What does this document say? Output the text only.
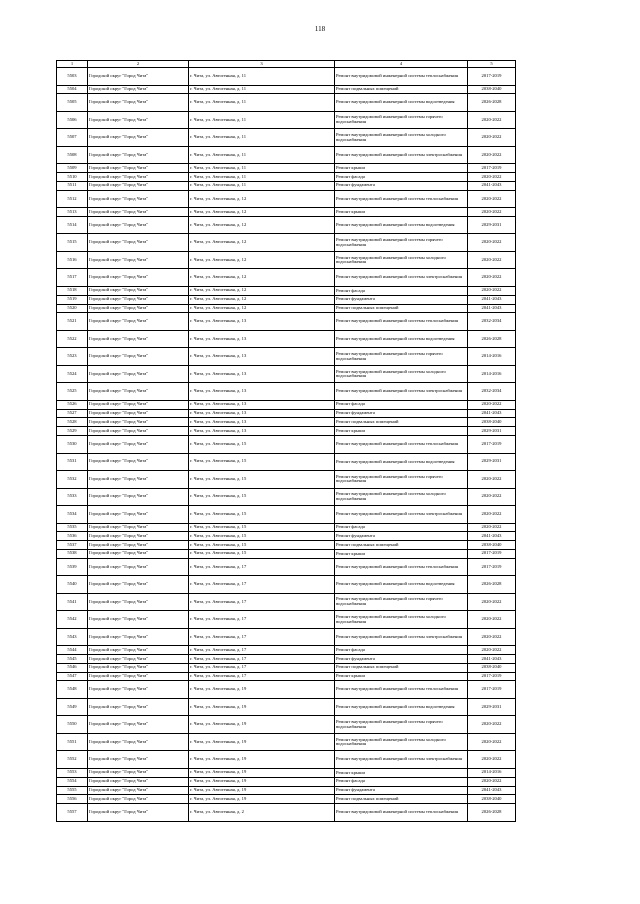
118
1	2	3	4	5
5503	Городской округ "Город Чита"	г. Чита, ул. Автогенная, д. 11	Ремонт внутридомовой инженерной системы теплоснабжения	2017-2019
5504	Городской округ "Город Чита"	г. Чита, ул. Автогенная, д. 11	Ремонт подвальных помещений	2038-2040
5505	Городской округ "Город Чита"	г. Чита, ул. Автогенная, д. 11	Ремонт внутридомовой инженерной системы водоотведения	2026-2028
5506	Городской округ "Город Чита"	г. Чита, ул. Автогенная, д. 11	Ремонт внутридомовой инженерной системы горячего водоснабжения	2020-2022
5507	Городской округ "Город Чита"	г. Чита, ул. Автогенная, д. 11	Ремонт внутридомовой инженерной системы холодного водоснабжения	2020-2022
5508	Городской округ "Город Чита"	г. Чита, ул. Автогенная, д. 11	Ремонт внутридомовой инженерной системы электроснабжения	2020-2022
5509	Городской округ "Город Чита"	г. Чита, ул. Автогенная, д. 11	Ремонт крыши	2017-2019
5510	Городской округ "Город Чита"	г. Чита, ул. Автогенная, д. 11	Ремонт фасада	2020-2022
5511	Городской округ "Город Чита"	г. Чита, ул. Автогенная, д. 11	Ремонт фундамента	2041-2043
5512	Городской округ "Город Чита"	г. Чита, ул. Автогенная, д. 12	Ремонт внутридомовой инженерной системы теплоснабжения	2020-2022
5513	Городской округ "Город Чита"	г. Чита, ул. Автогенная, д. 12	Ремонт крыши	2020-2022
5514	Городской округ "Город Чита"	г. Чита, ул. Автогенная, д. 12	Ремонт внутридомовой инженерной системы водоотведения	2029-2031
5515	Городской округ "Город Чита"	г. Чита, ул. Автогенная, д. 12	Ремонт внутридомовой инженерной системы горячего водоснабжения	2020-2022
5516	Городской округ "Город Чита"	г. Чита, ул. Автогенная, д. 12	Ремонт внутридомовой инженерной системы холодного водоснабжения	2020-2022
5517	Городской округ "Город Чита"	г. Чита, ул. Автогенная, д. 12	Ремонт внутридомовой инженерной системы электроснабжения	2020-2022
5518	Городской округ "Город Чита"	г. Чита, ул. Автогенная, д. 12	Ремонт фасада	2020-2022
5519	Городской округ "Город Чита"	г. Чита, ул. Автогенная, д. 12	Ремонт фундамента	2041-2043
5520	Городской округ "Город Чита"	г. Чита, ул. Автогенная, д. 12	Ремонт подвальных помещений	2041-2043
5521	Городской округ "Город Чита"	г. Чита, ул. Автогенная, д. 13	Ремонт внутридомовой инженерной системы теплоснабжения	2032-2034
5522	Городской округ "Город Чита"	г. Чита, ул. Автогенная, д. 13	Ремонт внутридомовой инженерной системы водоотведения	2026-2028
5523	Городской округ "Город Чита"	г. Чита, ул. Автогенная, д. 13	Ремонт внутридомовой инженерной системы горячего водоснабжения	2014-2016
5524	Городской округ "Город Чита"	г. Чита, ул. Автогенная, д. 13	Ремонт внутридомовой инженерной системы холодного водоснабжения	2014-2016
5525	Городской округ "Город Чита"	г. Чита, ул. Автогенная, д. 13	Ремонт внутридомовой инженерной системы электроснабжения	2032-2034
5526	Городской округ "Город Чита"	г. Чита, ул. Автогенная, д. 13	Ремонт фасада	2020-2022
5527	Городской округ "Город Чита"	г. Чита, ул. Автогенная, д. 13	Ремонт фундамента	2041-2043
5528	Городской округ "Город Чита"	г. Чита, ул. Автогенная, д. 13	Ремонт подвальных помещений	2038-2040
5529	Городской округ "Город Чита"	г. Чита, ул. Автогенная, д. 13	Ремонт крыши	2029-2031
5530	Городской округ "Город Чита"	г. Чита, ул. Автогенная, д. 15	Ремонт внутридомовой инженерной системы теплоснабжения	2017-2019
5531	Городской округ "Город Чита"	г. Чита, ул. Автогенная, д. 15	Ремонт внутридомовой инженерной системы водоотведения	2029-2031
5532	Городской округ "Город Чита"	г. Чита, ул. Автогенная, д. 15	Ремонт внутридомовой инженерной системы горячего водоснабжения	2020-2022
5533	Городской округ "Город Чита"	г. Чита, ул. Автогенная, д. 15	Ремонт внутридомовой инженерной системы холодного водоснабжения	2020-2022
5534	Городской округ "Город Чита"	г. Чита, ул. Автогенная, д. 15	Ремонт внутридомовой инженерной системы электроснабжения	2020-2022
5535	Городской округ "Город Чита"	г. Чита, ул. Автогенная, д. 15	Ремонт фасада	2020-2022
5536	Городской округ "Город Чита"	г. Чита, ул. Автогенная, д. 15	Ремонт фундамента	2041-2043
5537	Городской округ "Город Чита"	г. Чита, ул. Автогенная, д. 15	Ремонт подвальных помещений	2038-2040
5538	Городской округ "Город Чита"	г. Чита, ул. Автогенная, д. 15	Ремонт крыши	2017-2019
5539	Городской округ "Город Чита"	г. Чита, ул. Автогенная, д. 17	Ремонт внутридомовой инженерной системы теплоснабжения	2017-2019
5540	Городской округ "Город Чита"	г. Чита, ул. Автогенная, д. 17	Ремонт внутридомовой инженерной системы водоотведения	2026-2028
5541	Городской округ "Город Чита"	г. Чита, ул. Автогенная, д. 17	Ремонт внутридомовой инженерной системы горячего водоснабжения	2020-2022
5542	Городской округ "Город Чита"	г. Чита, ул. Автогенная, д. 17	Ремонт внутридомовой инженерной системы холодного водоснабжения	2020-2022
5543	Городской округ "Город Чита"	г. Чита, ул. Автогенная, д. 17	Ремонт внутридомовой инженерной системы электроснабжения	2020-2022
5544	Городской округ "Город Чита"	г. Чита, ул. Автогенная, д. 17	Ремонт фасада	2020-2022
5545	Городской округ "Город Чита"	г. Чита, ул. Автогенная, д. 17	Ремонт фундамента	2041-2043
5546	Городской округ "Город Чита"	г. Чита, ул. Автогенная, д. 17	Ремонт подвальных помещений	2038-2040
5547	Городской округ "Город Чита"	г. Чита, ул. Автогенная, д. 17	Ремонт крыши	2017-2019
5548	Городской округ "Город Чита"	г. Чита, ул. Автогенная, д. 19	Ремонт внутридомовой инженерной системы теплоснабжения	2017-2019
5549	Городской округ "Город Чита"	г. Чита, ул. Автогенная, д. 19	Ремонт внутридомовой инженерной системы водоотведения	2029-2031
5550	Городской округ "Город Чита"	г. Чита, ул. Автогенная, д. 19	Ремонт внутридомовой инженерной системы горячего водоснабжения	2020-2022
5551	Городской округ "Город Чита"	г. Чита, ул. Автогенная, д. 19	Ремонт внутридомовой инженерной системы холодного водоснабжения	2020-2022
5552	Городской округ "Город Чита"	г. Чита, ул. Автогенная, д. 19	Ремонт внутридомовой инженерной системы электроснабжения	2020-2022
5553	Городской округ "Город Чита"	г. Чита, ул. Автогенная, д. 19	Ремонт крыши	2014-2016
5554	Городской округ "Город Чита"	г. Чита, ул. Автогенная, д. 19	Ремонт фасада	2020-2022
5555	Городской округ "Город Чита"	г. Чита, ул. Автогенная, д. 19	Ремонт фундамента	2041-2043
5556	Городской округ "Город Чита"	г. Чита, ул. Автогенная, д. 19	Ремонт подвальных помещений	2038-2040
5557	Городской округ "Город Чита"	г. Чита, ул. Автогенная, д. 2	Ремонт внутридомовой инженерной системы теплоснабжения	2026-2028
